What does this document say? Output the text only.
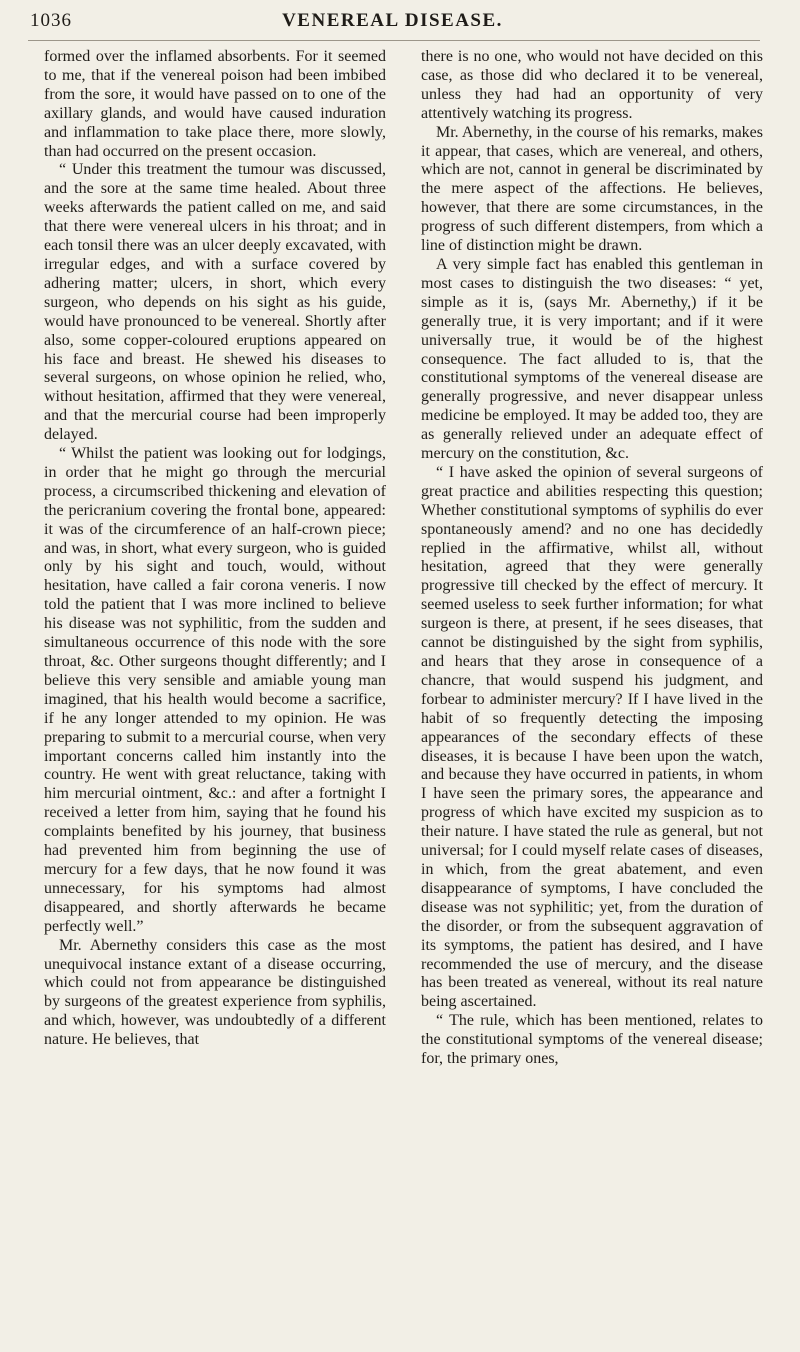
1036	VENEREAL DISEASE.

formed over the inflamed absorbents. For it seemed to me, that if the venereal poison had been imbibed from the sore, it would have passed on to one of the axillary glands, and would have caused induration and inflammation to take place there, more slowly, than had occurred on the present occasion.

“ Under this treatment the tumour was discussed, and the sore at the same time healed. About three weeks afterwards the patient called on me, and said that there were venereal ulcers in his throat; and in each tonsil there was an ulcer deeply excavated, with irregular edges, and with a surface covered by adhering matter; ulcers, in short, which every surgeon, who depends on his sight as his guide, would have pronounced to be venereal. Shortly after also, some copper-coloured eruptions appeared on his face and breast. He shewed his diseases to several surgeons, on whose opinion he relied, who, without hesitation, affirmed that they were venereal, and that the mercurial course had been improperly delayed.

“ Whilst the patient was looking out for lodgings, in order that he might go through the mercurial process, a circumscribed thickening and elevation of the pericranium covering the frontal bone, appeared: it was of the circumference of an half-crown piece; and was, in short, what every surgeon, who is guided only by his sight and touch, would, without hesitation, have called a fair corona veneris. I now told the patient that I was more inclined to believe his disease was not syphilitic, from the sudden and simultaneous occurrence of this node with the sore throat, &c. Other surgeons thought differently; and I believe this very sensible and amiable young man imagined, that his health would become a sacrifice, if he any longer attended to my opinion. He was preparing to submit to a mercurial course, when very important concerns called him instantly into the country. He went with great reluctance, taking with him mercurial ointment, &c.: and after a fortnight I received a letter from him, saying that he found his complaints benefited by his journey, that business had prevented him from beginning the use of mercury for a few days, that he now found it was unnecessary, for his symptoms had almost disappeared, and shortly afterwards he became perfectly well.”

Mr. Abernethy considers this case as the most unequivocal instance extant of a disease occurring, which could not from appearance be distinguished by surgeons of the greatest experience from syphilis, and which, however, was undoubtedly of a different nature. He believes, that

there is no one, who would not have decided on this case, as those did who declared it to be venereal, unless they had had an opportunity of very attentively watching its progress.

Mr. Abernethy, in the course of his remarks, makes it appear, that cases, which are venereal, and others, which are not, cannot in general be discriminated by the mere aspect of the affections. He believes, however, that there are some circumstances, in the progress of such different distempers, from which a line of distinction might be drawn.

A very simple fact has enabled this gentleman in most cases to distinguish the two diseases: “ yet, simple as it is, (says Mr. Abernethy,) if it be generally true, it is very important; and if it were universally true, it would be of the highest consequence. The fact alluded to is, that the constitutional symptoms of the venereal disease are generally progressive, and never disappear unless medicine be employed. It may be added too, they are as generally relieved under an adequate effect of mercury on the constitution, &c.

“ I have asked the opinion of several surgeons of great practice and abilities respecting this question; Whether constitutional symptoms of syphilis do ever spontaneously amend? and no one has decidedly replied in the affirmative, whilst all, without hesitation, agreed that they were generally progressive till checked by the effect of mercury. It seemed useless to seek further information; for what surgeon is there, at present, if he sees diseases, that cannot be distinguished by the sight from syphilis, and hears that they arose in consequence of a chancre, that would suspend his judgment, and forbear to administer mercury? If I have lived in the habit of so frequently detecting the imposing appearances of the secondary effects of these diseases, it is because I have been upon the watch, and because they have occurred in patients, in whom I have seen the primary sores, the appearance and progress of which have excited my suspicion as to their nature. I have stated the rule as general, but not universal; for I could myself relate cases of diseases, in which, from the great abatement, and even disappearance of symptoms, I have concluded the disease was not syphilitic; yet, from the duration of the disorder, or from the subsequent aggravation of its symptoms, the patient has desired, and I have recommended the use of mercury, and the disease has been treated as venereal, without its real nature being ascertained.

“ The rule, which has been mentioned, relates to the constitutional symptoms of the venereal disease; for, the primary ones,
